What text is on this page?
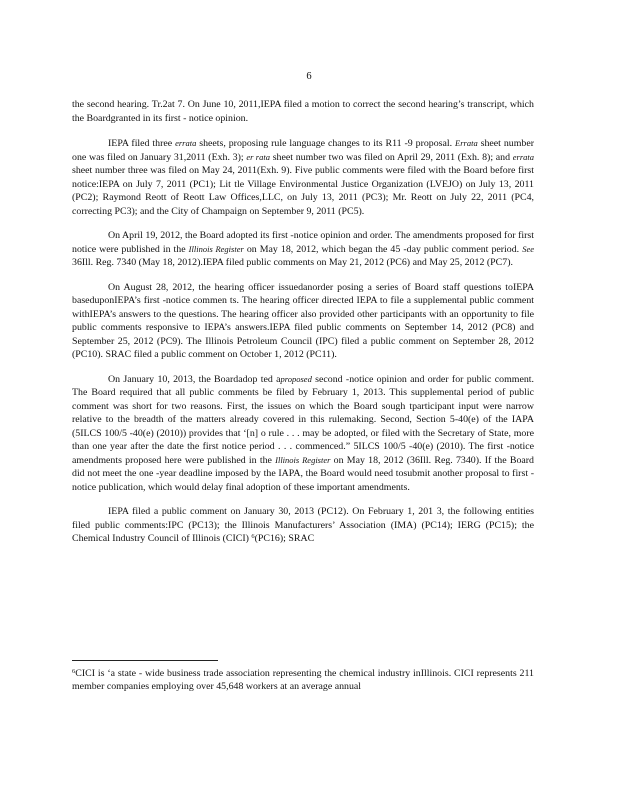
6

the second hearing. Tr.2at 7. On June 10, 2011,IEPA filed a motion to correct the second hearing’s transcript, which the Boardgranted in its first - notice opinion.

IEPA filed three errata sheets, proposing rule language changes to its R11 -9 proposal. Errata sheet number one was filed on January 31,2011 (Exh. 3); er rata sheet number two was filed on April 29, 2011 (Exh. 8); and errata sheet number three was filed on May 24, 2011(Exh. 9). Five public comments were filed with the Board before first notice:IEPA on July 7, 2011 (PC1); Lit tle Village Environmental Justice Organization (LVEJO) on July 13, 2011 (PC2); Raymond Reott of Reott Law Offices,LLC, on July 13, 2011 (PC3); Mr. Reott on July 22, 2011 (PC4, correcting PC3); and the City of Champaign on September 9, 2011 (PC5).

On April 19, 2012, the Board adopted its first -notice opinion and order. The amendments proposed for first notice were published in the Illinois Register on May 18, 2012, which began the 45 -day public comment period. See 36Ill. Reg. 7340 (May 18, 2012).IEPA filed public comments on May 21, 2012 (PC6) and May 25, 2012 (PC7).

On August 28, 2012, the hearing officer issuedanorder posing a series of Board staff questions toIEPA baseduponIEPA’s first -notice commen ts. The hearing officer directed IEPA to file a supplemental public comment withIEPA’s answers to the questions. The hearing officer also provided other participants with an opportunity to file public comments responsive to IEPA’s answers.IEPA filed public comments on September 14, 2012 (PC8) and September 25, 2012 (PC9). The Illinois Petroleum Council (IPC) filed a public comment on September 28, 2012 (PC10). SRAC filed a public comment on October 1, 2012 (PC11).

On January 10, 2013, the Boardadop ted aproposed second -notice opinion and order for public comment. The Board required that all public comments be filed by February 1, 2013. This supplemental period of public comment was short for two reasons. First, the issues on which the Board sough tparticipant input were narrow relative to the breadth of the matters already covered in this rulemaking. Second, Section 5-40(e) of the IAPA (5ILCS 100/5 -40(e) (2010)) provides that ‘[n] o rule . . . may be adopted, or filed with the Secretary of State, more than one year after the date the first notice period . . . commenced.” 5ILCS 100/5 -40(e) (2010). The first -notice amendments proposed here were published in the Illinois Register on May 18, 2012 (36Ill. Reg. 7340). If the Board did not meet the one -year deadline imposed by the IAPA, the Board would need tosubmit another proposal to first - notice publication, which would delay final adoption of these important amendments.

IEPA filed a public comment on January 30, 2013 (PC12). On February 1, 201 3, the following entities filed public comments:IPC (PC13); the Illinois Manufacturers’ Association (IMA) (PC14); IERG (PC15); the Chemical Industry Council of Illinois (CICI) $^6$(PC16); SRAC

$^6$CICI is ‘a state - wide business trade association representing the chemical industry inIllinois. CICI represents 211 member companies employing over 45,648 workers at an average annual
